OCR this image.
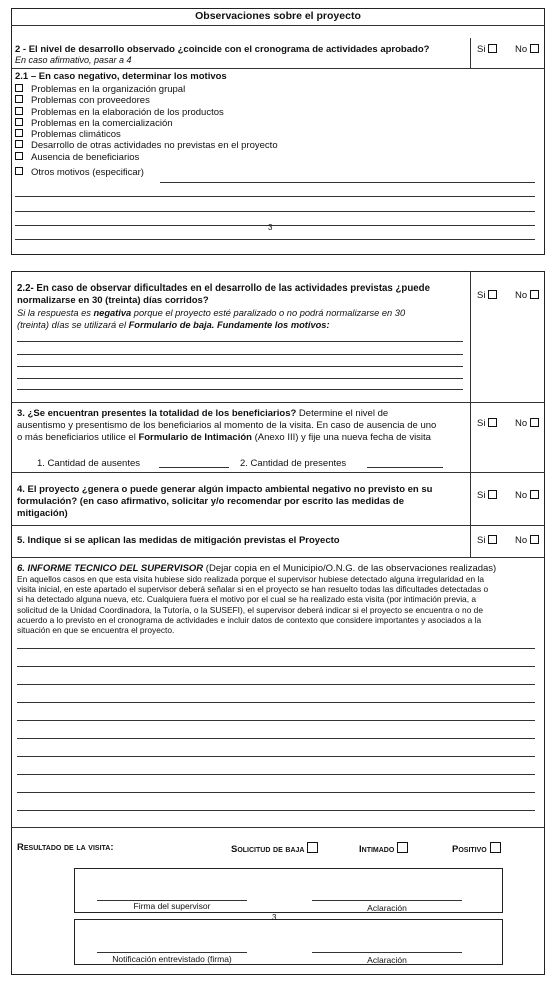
Observaciones sobre el proyecto
2 - El nivel de desarrollo observado ¿coincide con el cronograma de actividades aprobado?
En caso afirmativo, pasar a 4
Si	No
2.1 – En caso negativo, determinar los motivos
Problemas en la organización grupal
Problemas con proveedores
Problemas en la elaboración de los productos
Problemas en la comercialización
Problemas climáticos
Desarrollo de otras actividades no previstas en el proyecto
Ausencia de beneficiarios
Otros motivos (especificar)
3
2.2- En caso de observar dificultades en el desarrollo de las actividades previstas ¿puede
normalizarse en 30 (treinta) días corridos?
Si la respuesta es negativa porque el proyecto esté paralizado o no podrá normalizarse en 30
(treinta) días se utilizará el Formulario de baja. Fundamente los motivos:
Si	No
3. ¿Se encuentran presentes la totalidad de los beneficiarios? Determine el nivel de
ausentismo y presentismo de los beneficiarios al momento de la visita. En caso de ausencia de uno
o más beneficiarios utilice el Formulario de Intimación (Anexo III) y fije una nueva fecha de visita
Si	No
1. Cantidad de ausentes	2. Cantidad de presentes
4. El proyecto ¿genera o puede generar algún impacto ambiental negativo no previsto en su
formulación? (en caso afirmativo, solicitar y/o recomendar por escrito las medidas de
mitigación)
Si	No
5. Indique si se aplican las medidas de mitigación previstas el Proyecto	Si	No
6. INFORME TECNICO DEL SUPERVISOR (Dejar copia en el Municipio/O.N.G. de las observaciones realizadas)
En aquellos casos en que esta visita hubiese sido realizada porque el supervisor hubiese detectado alguna irregularidad en la
visita inicial, en este apartado el supervisor deberá señalar si en el proyecto se han resuelto todas las dificultades detectadas o
si ha detectado alguna nueva, etc. Cualquiera fuera el motivo por el cual se ha realizado esta visita (por intimación previa, a
solicitud de la Unidad Coordinadora, la Tutoría, o la SUSEFI), el supervisor deberá indicar si el proyecto se encuentra o no de
acuerdo a lo previsto en el cronograma de actividades e incluir datos de contexto que considere importantes y asociados a la
situación en que se encuentra el proyecto.
Resultado de la visita:	Solicitud de baja	Intimado	Positivo
Firma del supervisor	Aclaración
3
Notificación entrevistado (firma)	Aclaración
